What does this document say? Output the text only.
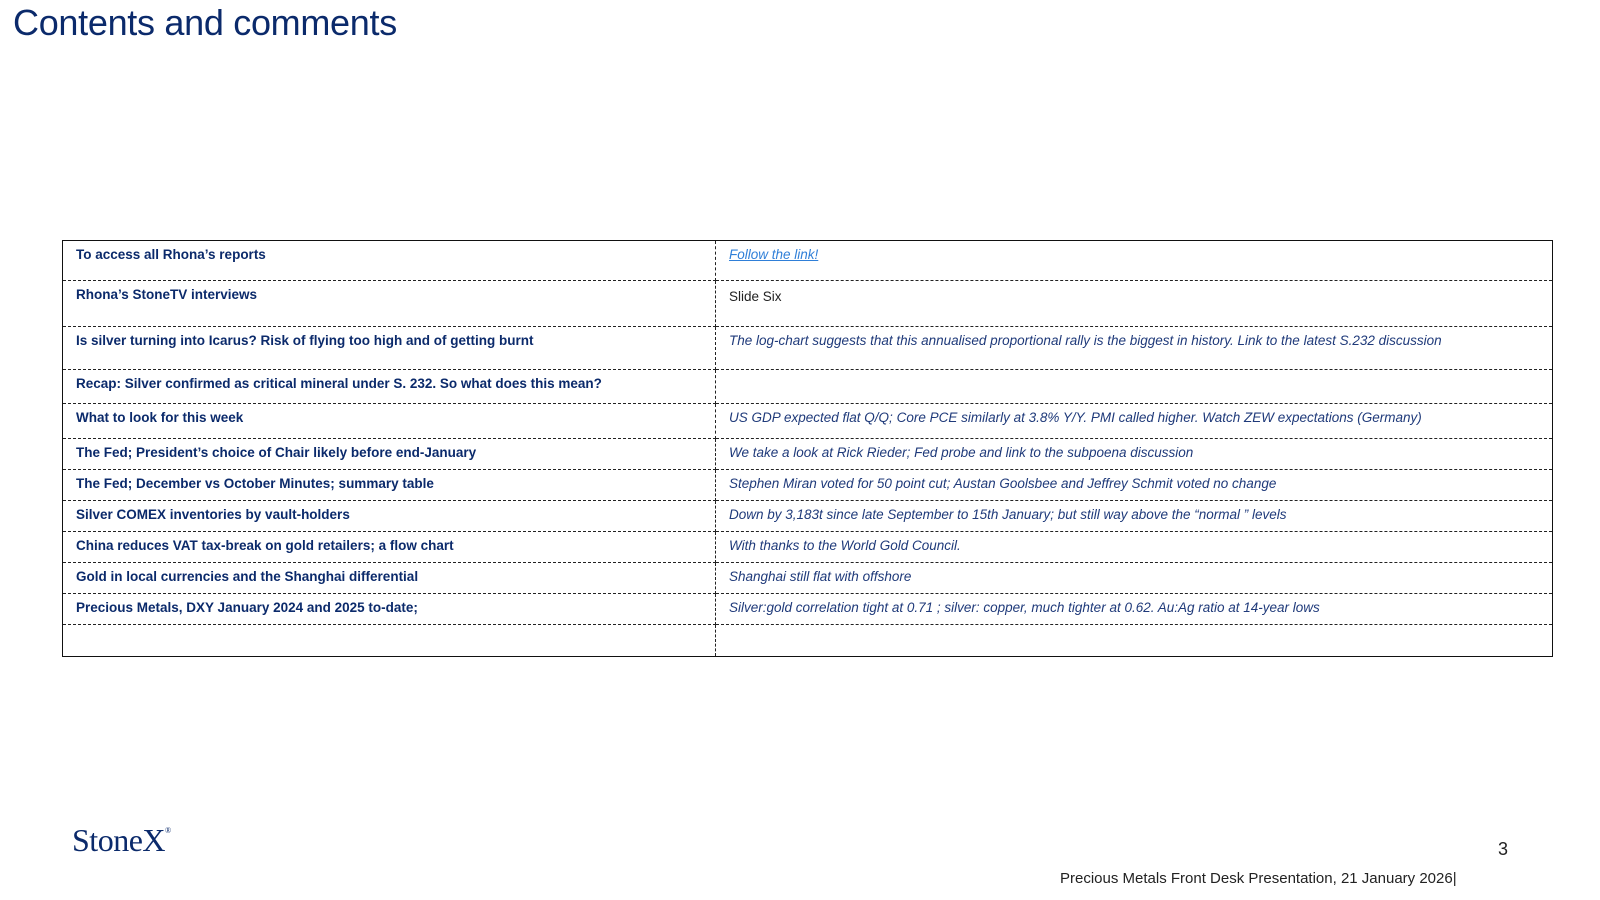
Contents and comments
To access all Rhona’s reports	Follow the link!
Rhona’s StoneTV interviews	Slide Six
Is silver turning into Icarus? Risk of flying too high and of getting burnt	The log-chart suggests that this annualised proportional rally is the biggest in history. Link to the latest S.232 discussion
Recap: Silver confirmed as critical mineral under S. 232. So what does this mean?	
What to look for this week	US GDP expected flat Q/Q; Core PCE similarly at 3.8% Y/Y. PMI called higher. Watch ZEW expectations (Germany)
The Fed; President’s choice of Chair likely before end-January	We take a look at Rick Rieder; Fed probe and link to the subpoena discussion
The Fed; December vs October Minutes; summary table	Stephen Miran voted for 50 point cut; Austan Goolsbee and Jeffrey Schmit voted no change
Silver COMEX inventories by vault-holders	Down by 3,183t since late September to 15th January; but still way above the “normal ” levels
China reduces VAT tax-break on gold retailers; a flow chart	With thanks to the World Gold Council.
Gold in local currencies and the Shanghai differential	Shanghai still flat with offshore
Precious Metals, DXY January 2024 and 2025 to-date;	Silver:gold correlation tight at 0.71 ; silver: copper, much tighter at 0.62. Au:Ag ratio at 14-year lows

StoneX®
3
Precious Metals Front Desk Presentation, 21 January 2026|
